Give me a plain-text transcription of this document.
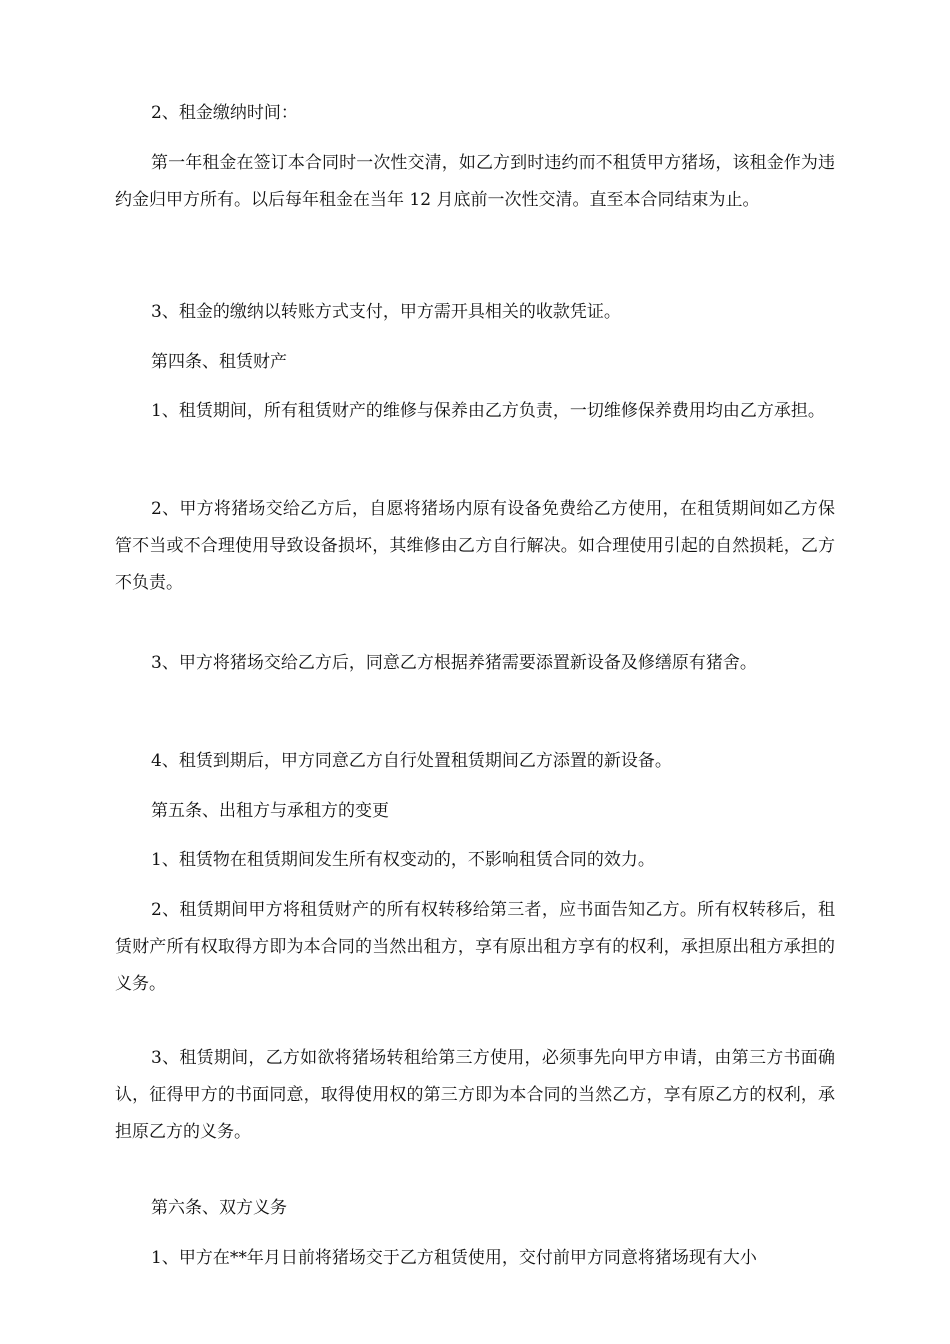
2、租金缴纳时间：

第一年租金在签订本合同时一次性交清，如乙方到时违约而不租赁甲方猪场，该租金作为违约金归甲方所有。以后每年租金在当年 12 月底前一次性交清。直至本合同结束为止。

3、租金的缴纳以转账方式支付，甲方需开具相关的收款凭证。

第四条、租赁财产

1、租赁期间，所有租赁财产的维修与保养由乙方负责，一切维修保养费用均由乙方承担。

2、甲方将猪场交给乙方后，自愿将猪场内原有设备免费给乙方使用，在租赁期间如乙方保管不当或不合理使用导致设备损坏，其维修由乙方自行解决。如合理使用引起的自然损耗，乙方不负责。

3、甲方将猪场交给乙方后，同意乙方根据养猪需要添置新设备及修缮原有猪舍。

4、租赁到期后，甲方同意乙方自行处置租赁期间乙方添置的新设备。

第五条、出租方与承租方的变更

1、租赁物在租赁期间发生所有权变动的，不影响租赁合同的效力。

2、租赁期间甲方将租赁财产的所有权转移给第三者，应书面告知乙方。所有权转移后，租赁财产所有权取得方即为本合同的当然出租方，享有原出租方享有的权利，承担原出租方承担的义务。

3、租赁期间，乙方如欲将猪场转租给第三方使用，必须事先向甲方申请，由第三方书面确认，征得甲方的书面同意，取得使用权的第三方即为本合同的当然乙方，享有原乙方的权利，承担原乙方的义务。

第六条、双方义务

1、甲方在**年月日前将猪场交于乙方租赁使用，交付前甲方同意将猪场现有大小
